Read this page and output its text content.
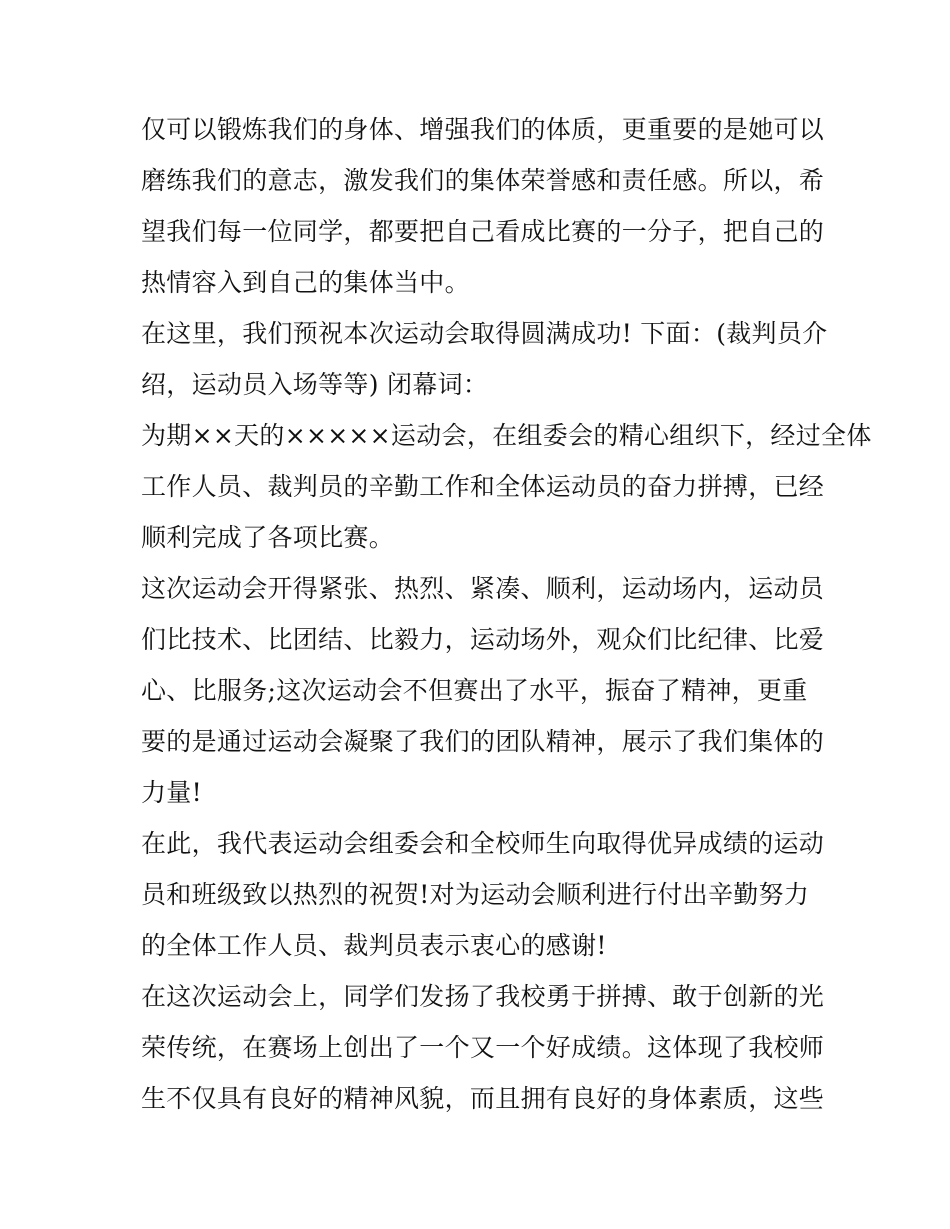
仅可以锻炼我们的身体、增强我们的体质，更重要的是她可以
磨练我们的意志，激发我们的集体荣誉感和责任感。所以，希
望我们每一位同学，都要把自己看成比赛的一分子，把自己的
热情容入到自己的集体当中。
在这里，我们预祝本次运动会取得圆满成功! 下面：(裁判员介
绍，运动员入场等等) 闭幕词：
为期××天的×××××运动会，在组委会的精心组织下，经过全体
工作人员、裁判员的辛勤工作和全体运动员的奋力拼搏，已经
顺利完成了各项比赛。
这次运动会开得紧张、热烈、紧凑、顺利，运动场内，运动员
们比技术、比团结、比毅力，运动场外，观众们比纪律、比爱
心、比服务;这次运动会不但赛出了水平，振奋了精神，更重
要的是通过运动会凝聚了我们的团队精神，展示了我们集体的
力量!
在此，我代表运动会组委会和全校师生向取得优异成绩的运动
员和班级致以热烈的祝贺!对为运动会顺利进行付出辛勤努力
的全体工作人员、裁判员表示衷心的感谢!
在这次运动会上，同学们发扬了我校勇于拼搏、敢于创新的光
荣传统，在赛场上创出了一个又一个好成绩。这体现了我校师
生不仅具有良好的精神风貌，而且拥有良好的身体素质，这些
